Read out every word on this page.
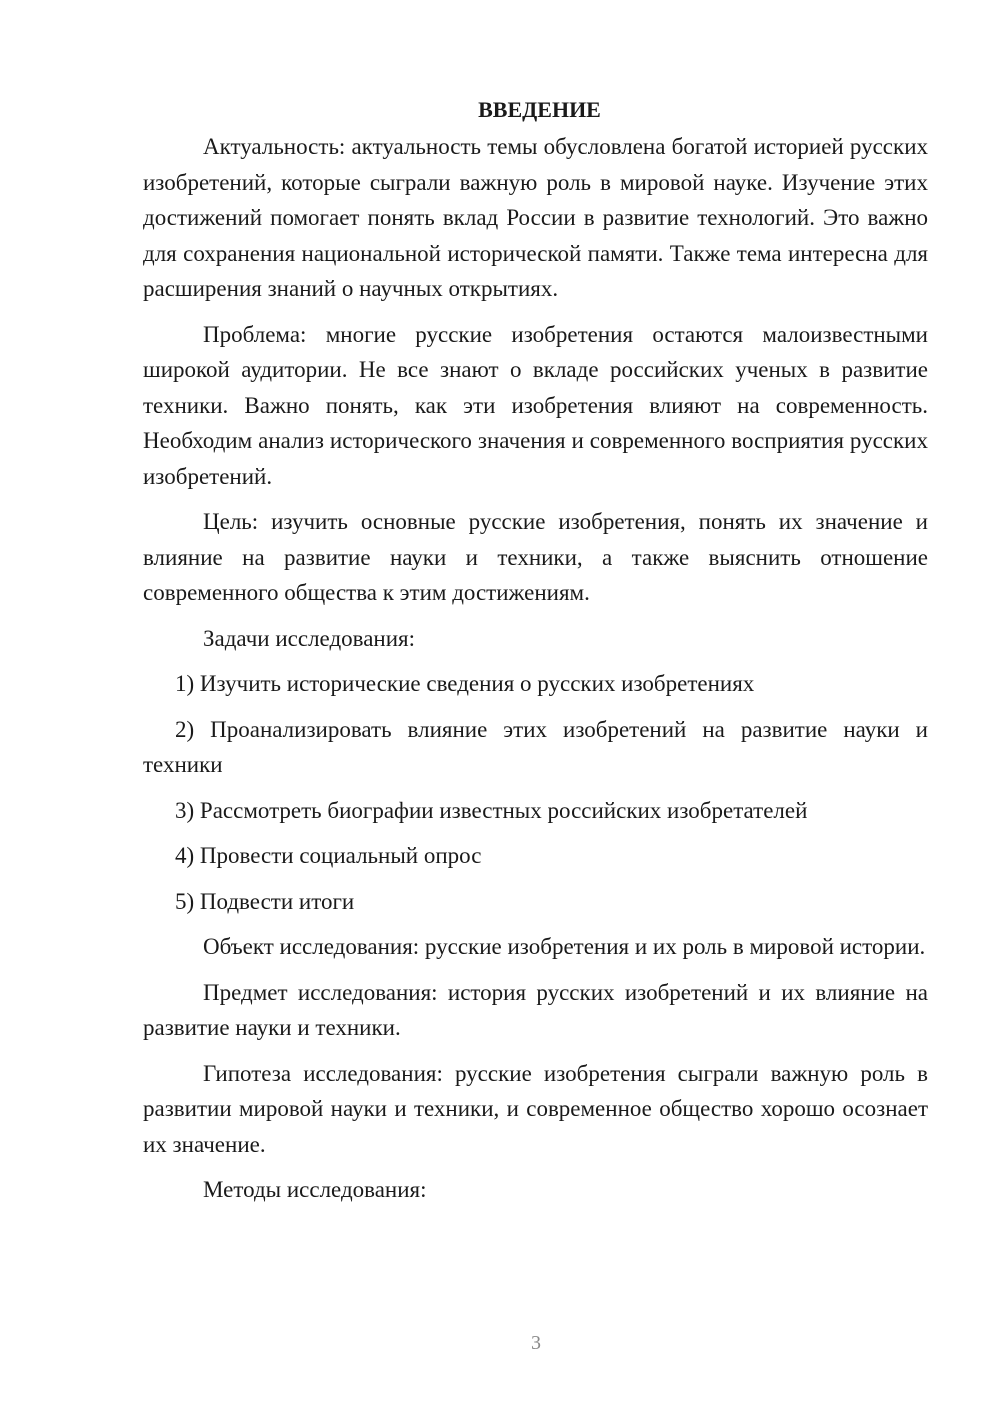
ВВЕДЕНИЕ

Актуальность: актуальность темы обусловлена богатой историей русских изобретений, которые сыграли важную роль в мировой науке. Изучение этих достижений помогает понять вклад России в развитие технологий. Это важно для сохранения национальной исторической памяти. Также тема интересна для расширения знаний о научных открытиях.

Проблема: многие русские изобретения остаются малоизвестными широкой аудитории. Не все знают о вкладе российских ученых в развитие техники. Важно понять, как эти изобретения влияют на современность. Необходим анализ исторического значения и современного восприятия русских изобретений.

Цель: изучить основные русские изобретения, понять их значение и влияние на развитие науки и техники, а также выяснить отношение современного общества к этим достижениям.

Задачи исследования:

1) Изучить исторические сведения о русских изобретениях

2) Проанализировать влияние этих изобретений на развитие науки и техники

3) Рассмотреть биографии известных российских изобретателей

4) Провести социальный опрос

5) Подвести итоги

Объект исследования: русские изобретения и их роль в мировой истории.

Предмет исследования: история русских изобретений и их влияние на развитие науки и техники.

Гипотеза исследования: русские изобретения сыграли важную роль в развитии мировой науки и техники, и современное общество хорошо осознает их значение.

Методы исследования:

3
